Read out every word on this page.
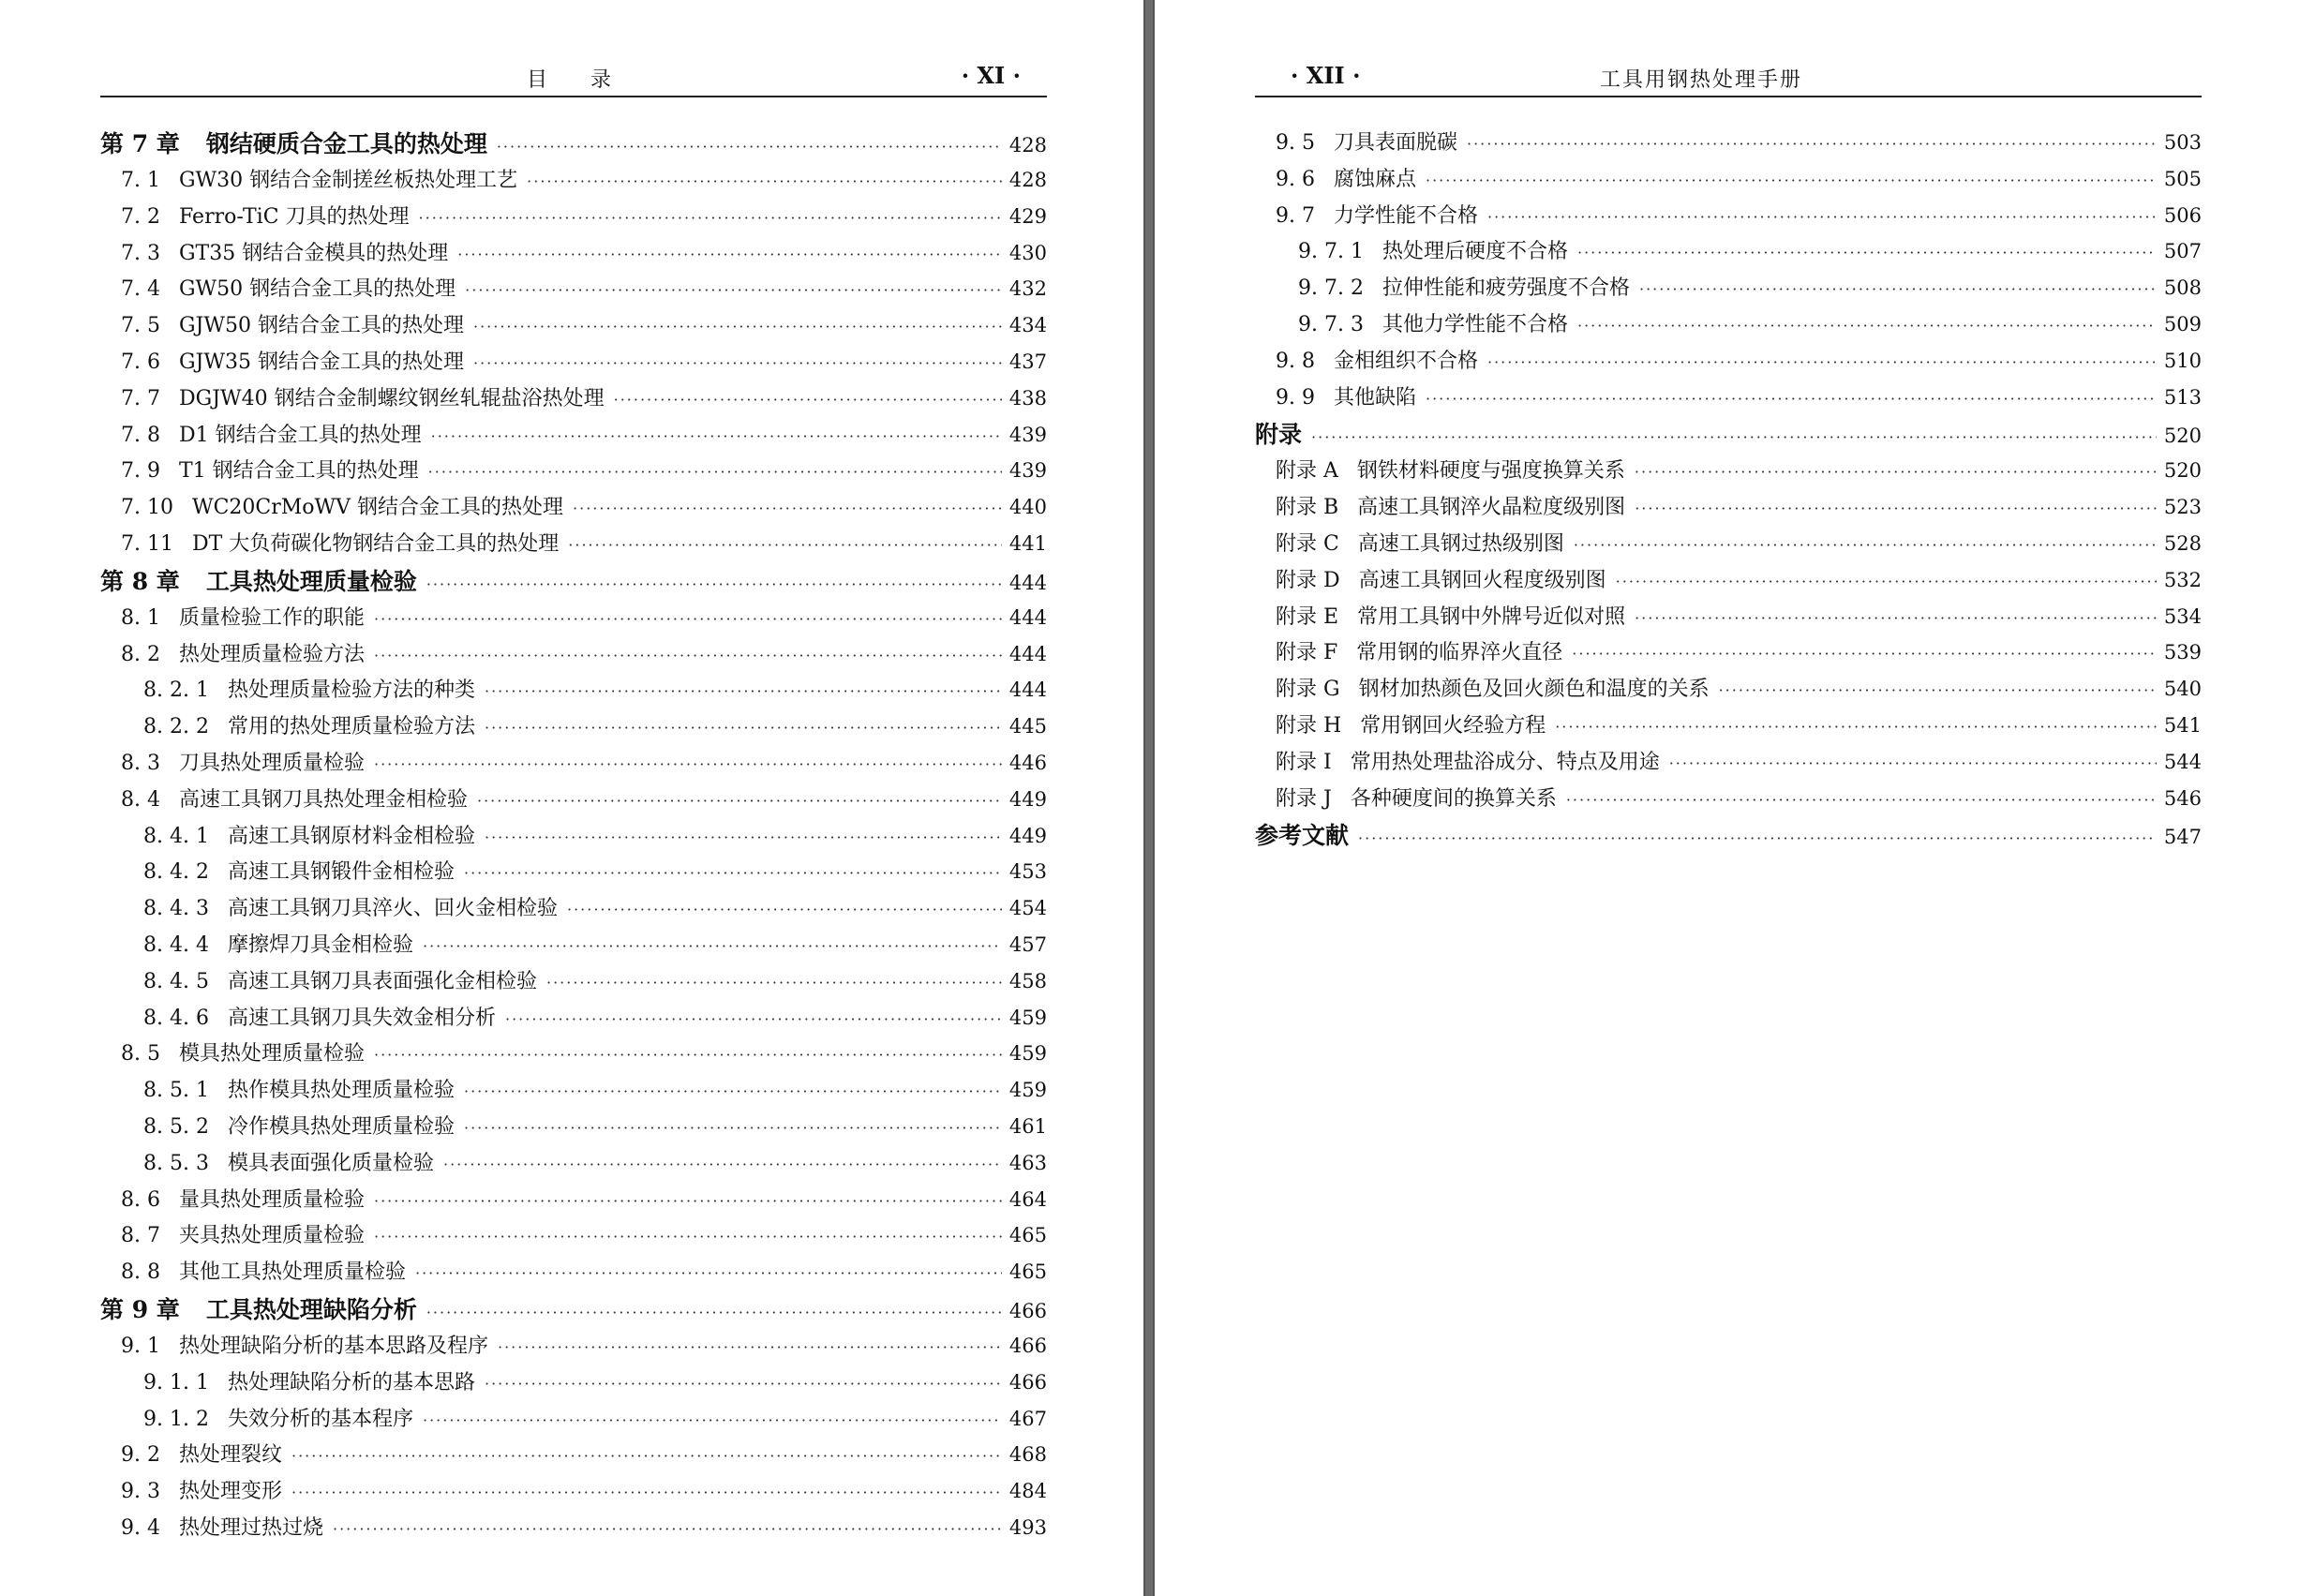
目录	· XI ·
第 7 章 钢结硬质合金工具的热处理 ·····	428
7. 1 GW30 钢结合金制搓丝板热处理工艺 ·····	428
7. 2 Ferro-TiC 刀具的热处理 ·····	429
7. 3 GT35 钢结合金模具的热处理 ·····	430
7. 4 GW50 钢结合金工具的热处理 ·····	432
7. 5 GJW50 钢结合金工具的热处理 ·····	434
7. 6 GJW35 钢结合金工具的热处理 ·····	437
7. 7 DGJW40 钢结合金制螺纹钢丝轧辊盐浴热处理 ·····	438
7. 8 D1 钢结合金工具的热处理 ·····	439
7. 9 T1 钢结合金工具的热处理 ·····	439
7. 10 WC20CrMoWV 钢结合金工具的热处理 ·····	440
7. 11 DT 大负荷碳化物钢结合金工具的热处理 ·····	441
第 8 章 工具热处理质量检验 ·····	444
8. 1 质量检验工作的职能 ·····	444
8. 2 热处理质量检验方法 ·····	444
8. 2. 1 热处理质量检验方法的种类 ·····	444
8. 2. 2 常用的热处理质量检验方法 ·····	445
8. 3 刀具热处理质量检验 ·····	446
8. 4 高速工具钢刀具热处理金相检验 ·····	449
8. 4. 1 高速工具钢原材料金相检验 ·····	449
8. 4. 2 高速工具钢锻件金相检验 ·····	453
8. 4. 3 高速工具钢刀具淬火、回火金相检验 ·····	454
8. 4. 4 摩擦焊刀具金相检验 ·····	457
8. 4. 5 高速工具钢刀具表面强化金相检验 ·····	458
8. 4. 6 高速工具钢刀具失效金相分析 ·····	459
8. 5 模具热处理质量检验 ·····	459
8. 5. 1 热作模具热处理质量检验 ·····	459
8. 5. 2 冷作模具热处理质量检验 ·····	461
8. 5. 3 模具表面强化质量检验 ·····	463
8. 6 量具热处理质量检验 ·····	464
8. 7 夹具热处理质量检验 ·····	465
8. 8 其他工具热处理质量检验 ·····	465
第 9 章 工具热处理缺陷分析 ·····	466
9. 1 热处理缺陷分析的基本思路及程序 ·····	466
9. 1. 1 热处理缺陷分析的基本思路 ·····	466
9. 1. 2 失效分析的基本程序 ·····	467
9. 2 热处理裂纹 ·····	468
9. 3 热处理变形 ·····	484
9. 4 热处理过热过烧 ·····	493
· XII ·	工具用钢热处理手册
9. 5 刀具表面脱碳 ·····	503
9. 6 腐蚀麻点 ·····	505
9. 7 力学性能不合格 ·····	506
9. 7. 1 热处理后硬度不合格 ·····	507
9. 7. 2 拉伸性能和疲劳强度不合格 ·····	508
9. 7. 3 其他力学性能不合格 ·····	509
9. 8 金相组织不合格 ·····	510
9. 9 其他缺陷 ·····	513
附录 ·····	520
附录 A 钢铁材料硬度与强度换算关系 ·····	520
附录 B 高速工具钢淬火晶粒度级别图 ·····	523
附录 C 高速工具钢过热级别图 ·····	528
附录 D 高速工具钢回火程度级别图 ·····	532
附录 E 常用工具钢中外牌号近似对照 ·····	534
附录 F 常用钢的临界淬火直径 ·····	539
附录 G 钢材加热颜色及回火颜色和温度的关系 ·····	540
附录 H 常用钢回火经验方程 ·····	541
附录 I 常用热处理盐浴成分、特点及用途 ·····	544
附录 J 各种硬度间的换算关系 ·····	546
参考文献 ·····	547
